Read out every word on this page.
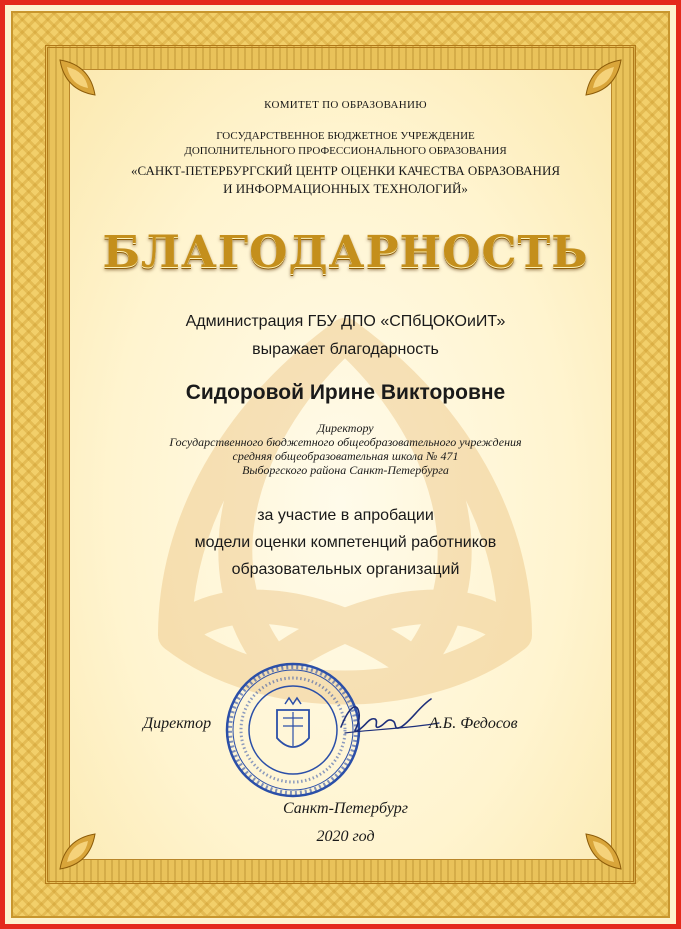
КОМИТЕТ ПО ОБРАЗОВАНИЮ
ГОСУДАРСТВЕННОЕ БЮДЖЕТНОЕ УЧРЕЖДЕНИЕ
ДОПОЛНИТЕЛЬНОГО ПРОФЕССИОНАЛЬНОГО ОБРАЗОВАНИЯ
«САНКТ-ПЕТЕРБУРГСКИЙ ЦЕНТР ОЦЕНКИ КАЧЕСТВА ОБРАЗОВАНИЯ
И ИНФОРМАЦИОННЫХ ТЕХНОЛОГИЙ»
БЛАГОДАРНОСТЬ
Администрация ГБУ ДПО «СПбЦОКОиИТ»
выражает благодарность
Сидоровой Ирине Викторовне
Директору
Государственного бюджетного общеобразовательного учреждения
средняя общеобразовательная школа № 471
Выборгского района Санкт-Петербурга
за участие в апробации
модели оценки компетенций работников
образовательных организаций
Директор	А.Б. Федосов
Санкт-Петербург
2020 год
